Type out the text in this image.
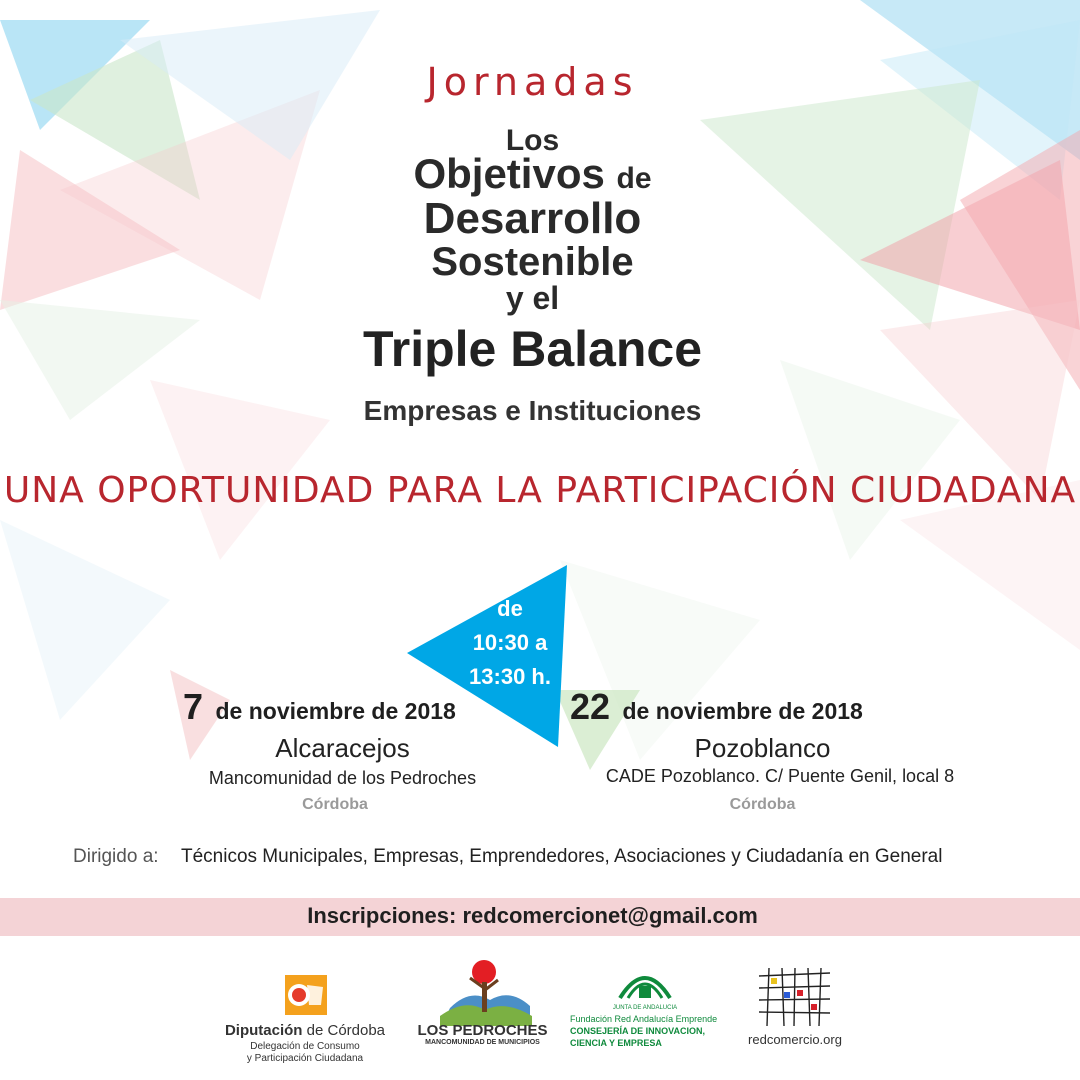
Jornadas
Los
Objetivos de
Desarrollo
Sostenible
y el
Triple Balance
Empresas e Instituciones
UNA OPORTUNIDAD PARA LA PARTICIPACIÓN CIUDADANA
de
10:30 a
13:30 h.
7 de noviembre de 2018
Alcaracejos
Mancomunidad de los Pedroches
Córdoba
22 de noviembre de 2018
Pozoblanco
CADE Pozoblanco. C/ Puente Genil, local 8
Córdoba
Dirigido a: Técnicos Municipales, Empresas, Emprendedores, Asociaciones y Ciudadanía en General
Inscripciones: redcomercionet@gmail.com
Diputación de Córdoba
Delegación de Consumo
y Participación Ciudadana
LOS PEDROCHES
MANCOMUNIDAD DE MUNICIPIOS
JUNTA DE ANDALUCIA
Fundación Red Andalucía Emprende
CONSEJERÍA DE INNOVACION,
CIENCIA Y EMPRESA	redcomercio.org
